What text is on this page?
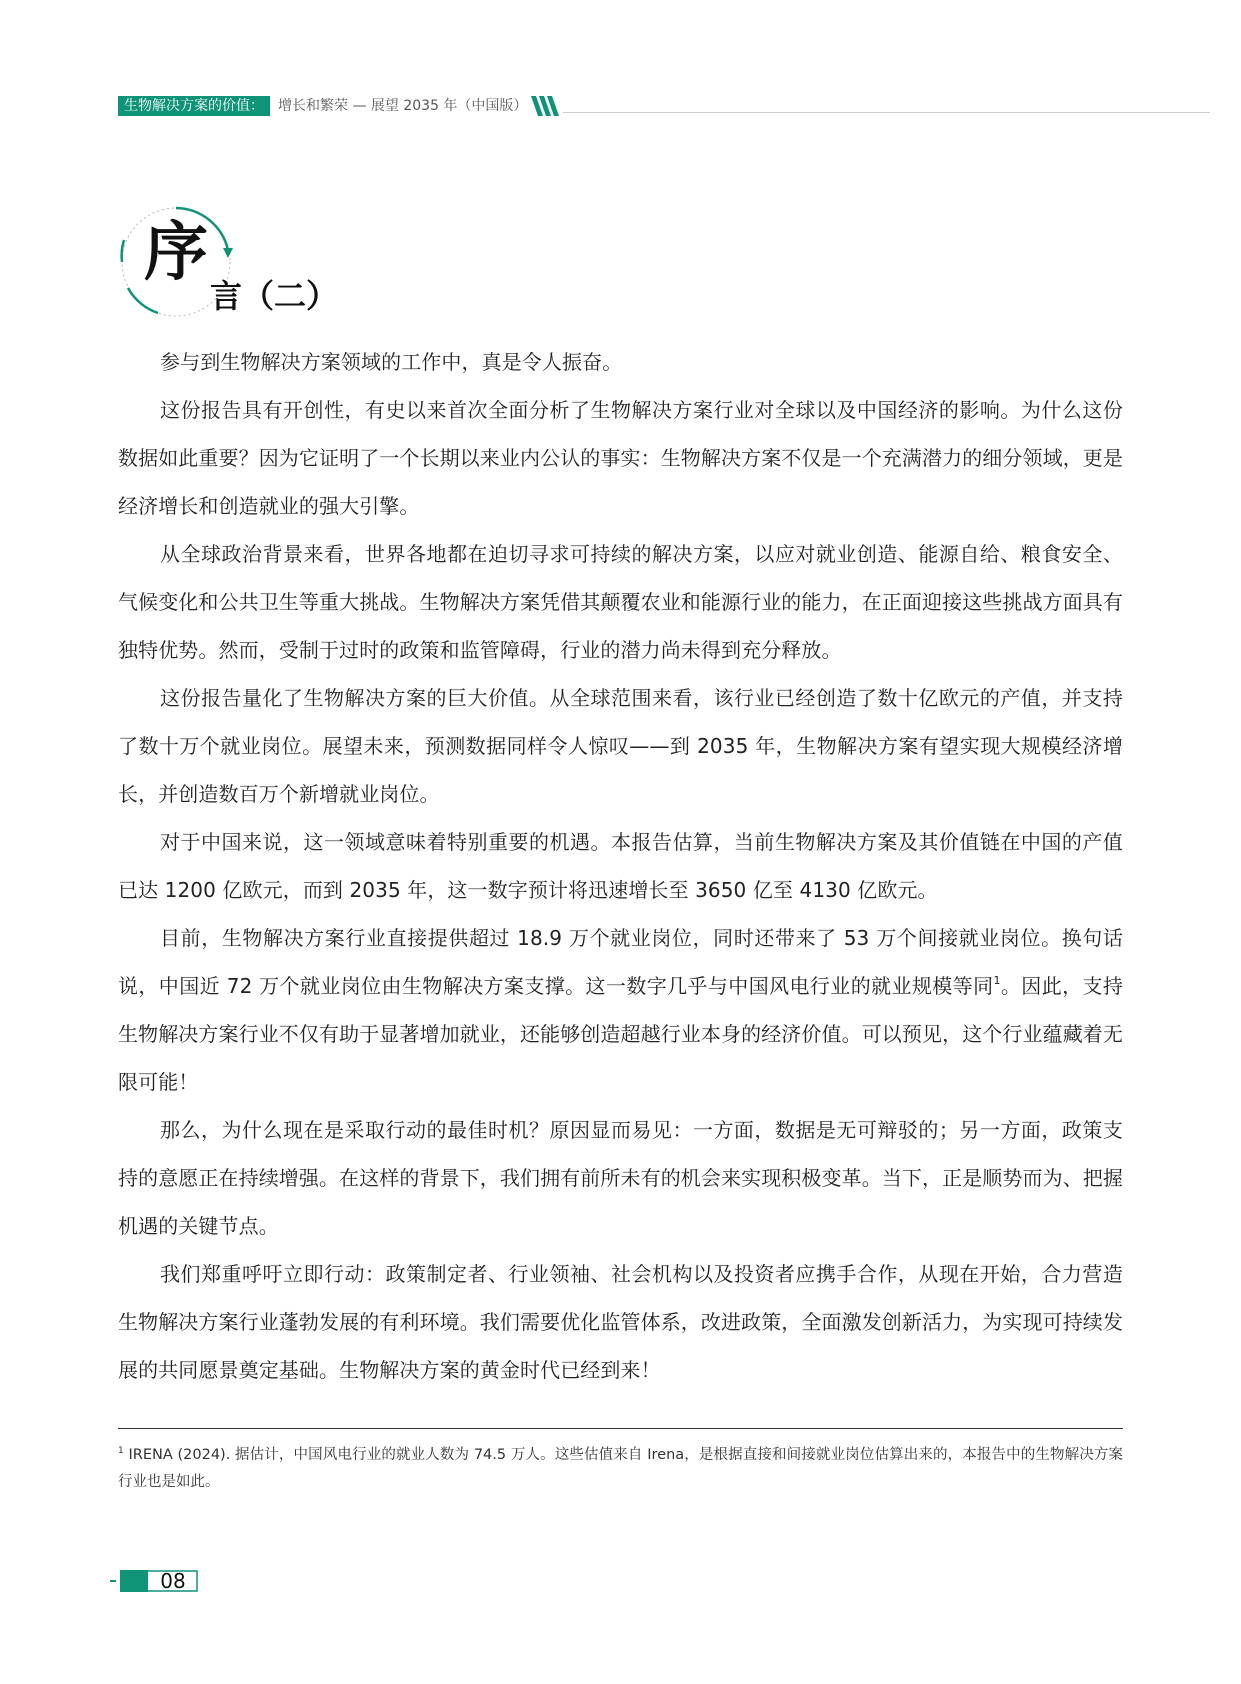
生物解决方案的价值：	增长和繁荣 — 展望 2035 年（中国版）
序
言（二）

参与到生物解决方案领域的工作中，真是令人振奋。

这份报告具有开创性，有史以来首次全面分析了生物解决方案行业对全球以及中国经济的影响。为什么这份数据如此重要？因为它证明了一个长期以来业内公认的事实：生物解决方案不仅是一个充满潜力的细分领域，更是经济增长和创造就业的强大引擎。

从全球政治背景来看，世界各地都在迫切寻求可持续的解决方案，以应对就业创造、能源自给、粮食安全、气候变化和公共卫生等重大挑战。生物解决方案凭借其颠覆农业和能源行业的能力，在正面迎接这些挑战方面具有独特优势。然而，受制于过时的政策和监管障碍，行业的潜力尚未得到充分释放。

这份报告量化了生物解决方案的巨大价值。从全球范围来看，该行业已经创造了数十亿欧元的产值，并支持了数十万个就业岗位。展望未来，预测数据同样令人惊叹——到 2035 年，生物解决方案有望实现大规模经济增长，并创造数百万个新增就业岗位。

对于中国来说，这一领域意味着特别重要的机遇。本报告估算，当前生物解决方案及其价值链在中国的产值已达 1200 亿欧元，而到 2035 年，这一数字预计将迅速增长至 3650 亿至 4130 亿欧元。

目前，生物解决方案行业直接提供超过 18.9 万个就业岗位，同时还带来了 53 万个间接就业岗位。换句话说，中国近 72 万个就业岗位由生物解决方案支撑。这一数字几乎与中国风电行业的就业规模等同$^1$。因此，支持生物解决方案行业不仅有助于显著增加就业，还能够创造超越行业本身的经济价值。可以预见，这个行业蕴藏着无限可能！

那么，为什么现在是采取行动的最佳时机？原因显而易见：一方面，数据是无可辩驳的；另一方面，政策支持的意愿正在持续增强。在这样的背景下，我们拥有前所未有的机会来实现积极变革。当下，正是顺势而为、把握机遇的关键节点。

我们郑重呼吁立即行动：政策制定者、行业领袖、社会机构以及投资者应携手合作，从现在开始，合力营造生物解决方案行业蓬勃发展的有利环境。我们需要优化监管体系，改进政策，全面激发创新活力，为实现可持续发展的共同愿景奠定基础。生物解决方案的黄金时代已经到来！

$^1$ IRENA (2024). 据估计，中国风电行业的就业人数为 74.5 万人。这些估值来自 Irena，是根据直接和间接就业岗位估算出来的，本报告中的生物解决方案行业也是如此。
08
